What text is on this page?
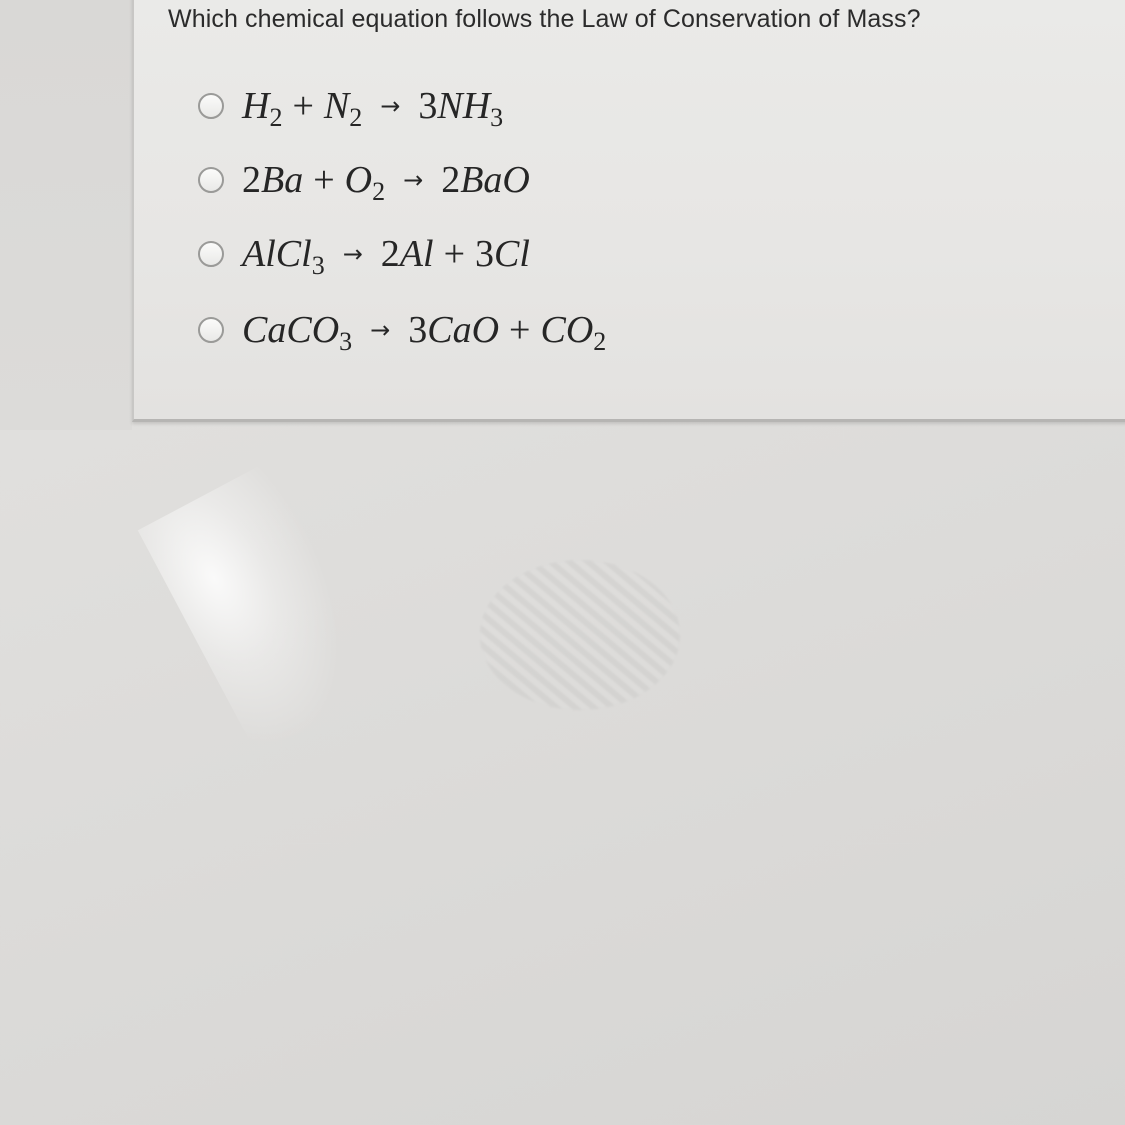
Which chemical equation follows the Law of Conservation of Mass?
$H_2 + N_2 \to 3NH_3$
$2Ba + O_2 \to 2BaO$
AlCl$_3$ → 2Al + 3Cl
CaCO$_3$ → $3CaO + CO_2$
